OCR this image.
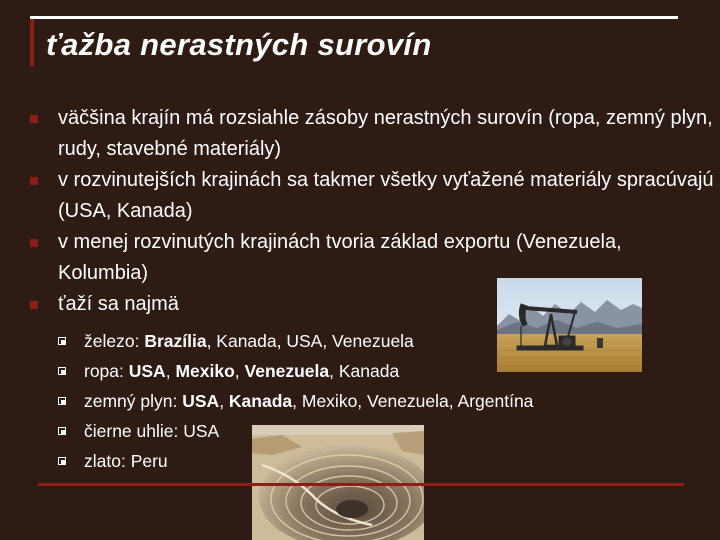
ťažba nerastných surovín
väčšina krajín má rozsiahle zásoby nerastných surovín (ropa, zemný plyn, rudy, stavebné materiály)
v rozvinutejších krajinách sa takmer všetky vyťažené materiály spracúvajú (USA, Kanada)
v menej rozvinutých krajinách tvoria základ exportu (Venezuela, Kolumbia)
ťaží sa najmä
železo: Brazília, Kanada, USA, Venezuela
ropa: USA, Mexiko, Venezuela, Kanada
zemný plyn: USA, Kanada, Mexiko, Venezuela, Argentína
čierne uhlie: USA
zlato: Peru
